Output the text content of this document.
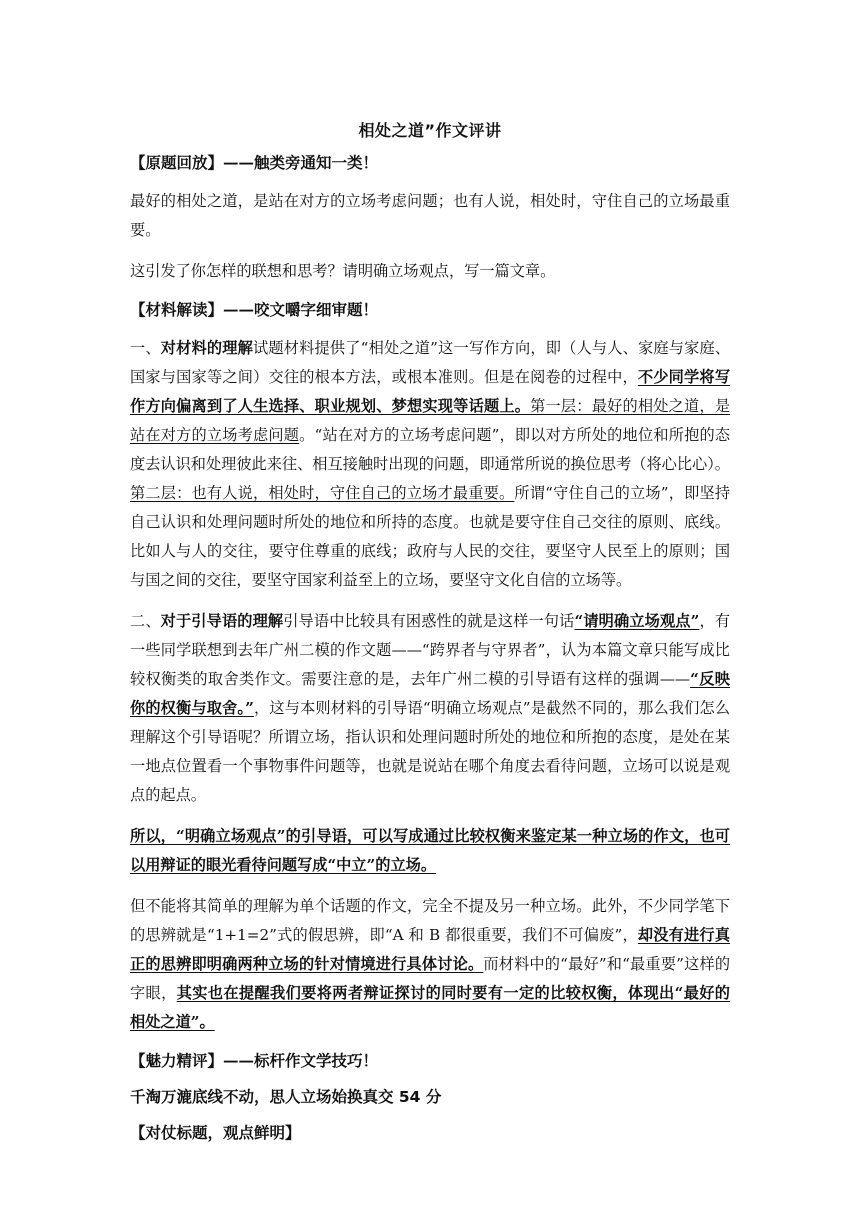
相处之道”作文评讲
【原题回放】——触类旁通知一类！

最好的相处之道，是站在对方的立场考虑问题；也有人说，相处时，守住自己的立场最重要。

这引发了你怎样的联想和思考？请明确立场观点，写一篇文章。

【材料解读】——咬文嚼字细审题！

一、对材料的理解试题材料提供了“相处之道”这一写作方向，即（人与人、家庭与家庭、国家与国家等之间）交往的根本方法，或根本准则。但是在阅卷的过程中，不少同学将写作方向偏离到了人生选择、职业规划、梦想实现等话题上。第一层：最好的相处之道，是站在对方的立场考虑问题。“站在对方的立场考虑问题”，即以对方所处的地位和所抱的态度去认识和处理彼此来往、相互接触时出现的问题，即通常所说的换位思考（将心比心）。第二层：也有人说，相处时，守住自己的立场才最重要。所谓“守住自己的立场”，即坚持自己认识和处理问题时所处的地位和所持的态度。也就是要守住自己交往的原则、底线。比如人与人的交往，要守住尊重的底线；政府与人民的交往，要坚守人民至上的原则；国与国之间的交往，要坚守国家利益至上的立场，要坚守文化自信的立场等。

二、对于引导语的理解引导语中比较具有困惑性的就是这样一句话“请明确立场观点”，有一些同学联想到去年广州二模的作文题——“跨界者与守界者”，认为本篇文章只能写成比较权衡类的取舍类作文。需要注意的是，去年广州二模的引导语有这样的强调——“反映你的权衡与取舍。”，这与本则材料的引导语“明确立场观点”是截然不同的，那么我们怎么理解这个引导语呢？所谓立场，指认识和处理问题时所处的地位和所抱的态度，是处在某一地点位置看一个事物事件问题等，也就是说站在哪个角度去看待问题，立场可以说是观点的起点。

所以，“明确立场观点”的引导语，可以写成通过比较权衡来鉴定某一种立场的作文，也可以用辩证的眼光看待问题写成“中立”的立场。

但不能将其简单的理解为单个话题的作文，完全不提及另一种立场。此外，不少同学笔下的思辨就是“1+1=2”式的假思辨，即“A 和 B 都很重要，我们不可偏废”，却没有进行真正的思辨即明确两种立场的针对情境进行具体讨论。而材料中的“最好”和“最重要”这样的字眼，其实也在提醒我们要将两者辩证探讨的同时要有一定的比较权衡，体现出“最好的相处之道”。

【魅力精评】——标杆作文学技巧！
千淘万漉底线不动，思人立场始换真交 54 分
【对仗标题，观点鲜明】
